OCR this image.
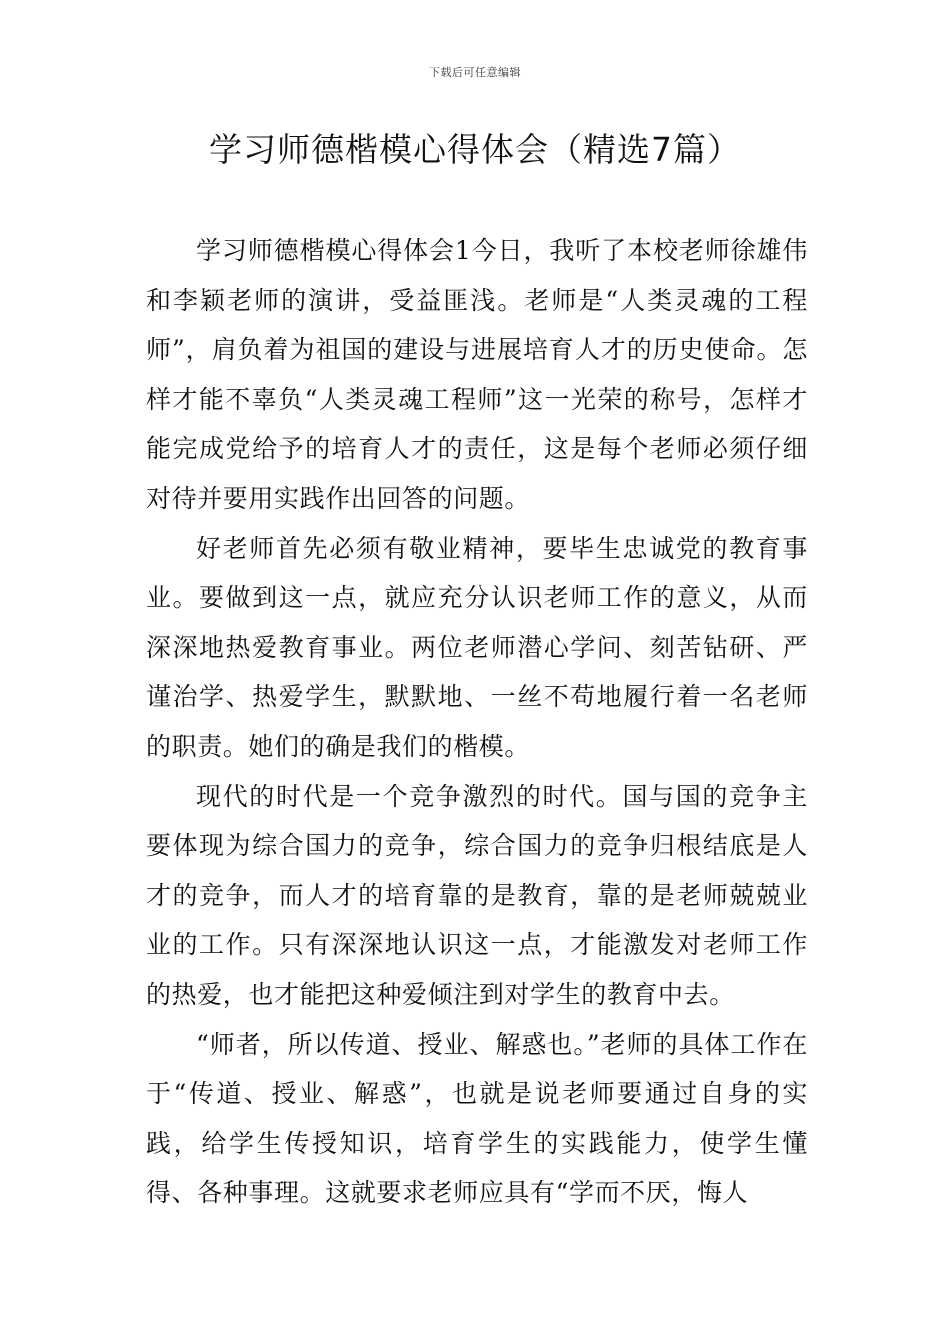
下载后可任意编辑
学习师德楷模心得体会（精选7篇）

学习师德楷模心得体会1今日，我听了本校老师徐雄伟和李颖老师的演讲，受益匪浅。老师是“人类灵魂的工程师”，肩负着为祖国的建设与进展培育人才的历史使命。怎样才能不辜负“人类灵魂工程师”这一光荣的称号，怎样才能完成党给予的培育人才的责任，这是每个老师必须仔细对待并要用实践作出回答的问题。

好老师首先必须有敬业精神，要毕生忠诚党的教育事业。要做到这一点，就应充分认识老师工作的意义，从而深深地热爱教育事业。两位老师潜心学问、刻苦钻研、严谨治学、热爱学生，默默地、一丝不苟地履行着一名老师的职责。她们的确是我们的楷模。

现代的时代是一个竞争激烈的时代。国与国的竞争主要体现为综合国力的竞争，综合国力的竞争归根结底是人才的竞争，而人才的培育靠的是教育，靠的是老师兢兢业业的工作。只有深深地认识这一点，才能激发对老师工作的热爱，也才能把这种爱倾注到对学生的教育中去。

“师者，所以传道、授业、解惑也。”老师的具体工作在于“传道、授业、解惑”，也就是说老师要通过自身的实践，给学生传授知识，培育学生的实践能力，使学生懂得、各种事理。这就要求老师应具有“学而不厌，悔人
